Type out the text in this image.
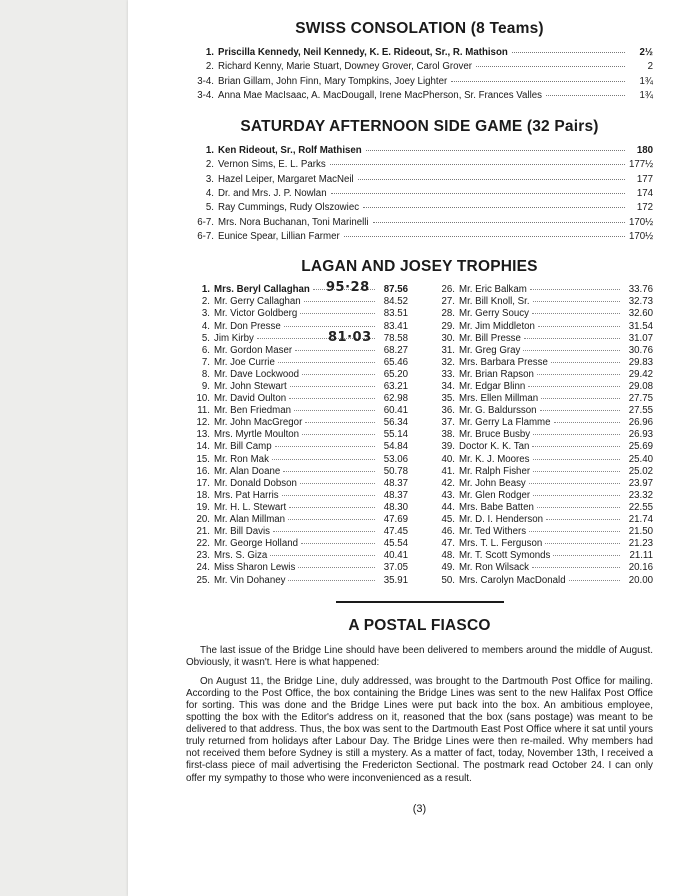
SWISS CONSOLATION (8 Teams)
1. Priscilla Kennedy, Neil Kennedy, K. E. Rideout, Sr., R. Mathison	2½
2. Richard Kenny, Marie Stuart, Downey Grover, Carol Grover	2
3-4. Brian Gillam, John Finn, Mary Tompkins, Joey Lighter	1¾
3-4. Anna Mae MacIsaac, A. MacDougall, Irene MacPherson, Sr. Frances Valles	1¾
SATURDAY AFTERNOON SIDE GAME (32 Pairs)
1. Ken Rideout, Sr., Rolf Mathisen	180
2. Vernon Sims, E. L. Parks	177½
3. Hazel Leiper, Margaret MacNeil	177
4. Dr. and Mrs. J. P. Nowlan	174
5. Ray Cummings, Rudy Olszowiec	172
6-7. Mrs. Nora Buchanan, Toni Marinelli	170½
6-7. Eunice Spear, Lillian Farmer	170½
LAGAN AND JOSEY TROPHIES
1. Mrs. Beryl Callaghan	87.56
95·28
2. Mr. Gerry Callaghan	84.52
3. Mr. Victor Goldberg	83.51
4. Mr. Don Presse	83.41
5. Jim Kirby	78.58
81·03
6. Mr. Gordon Maser	68.27
7. Mr. Joe Currie	65.46
8. Mr. Dave Lockwood	65.20
9. Mr. John Stewart	63.21
10. Mr. David Oulton	62.98
11. Mr. Ben Friedman	60.41
12. Mr. John MacGregor	56.34
13. Mrs. Myrtle Moulton	55.14
14. Mr. Bill Camp	54.84
15. Mr. Ron Mak	53.06
16. Mr. Alan Doane	50.78
17. Mr. Donald Dobson	48.37
18. Mrs. Pat Harris	48.37
19. Mr. H. L. Stewart	48.30
20. Mr. Alan Millman	47.69
21. Mr. Bill Davis	47.45
22. Mr. George Holland	45.54
23. Mrs. S. Giza	40.41
24. Miss Sharon Lewis	37.05
25. Mr. Vin Dohaney	35.91
26. Mr. Eric Balkam	33.76
27. Mr. Bill Knoll, Sr.	32.73
28. Mr. Gerry Soucy	32.60
29. Mr. Jim Middleton	31.54
30. Mr. Bill Presse	31.07
31. Mr. Greg Gray	30.76
32. Mrs. Barbara Presse	29.83
33. Mr. Brian Rapson	29.42
34. Mr. Edgar Blinn	29.08
35. Mrs. Ellen Millman	27.75
36. Mr. G. Baldursson	27.55
37. Mr. Gerry La Flamme	26.96
38. Mr. Bruce Busby	26.93
39. Doctor K. K. Tan	25.69
40. Mr. K. J. Moores	25.40
41. Mr. Ralph Fisher	25.02
42. Mr. John Beasy	23.97
43. Mr. Glen Rodger	23.32
44. Mrs. Babe Batten	22.55
45. Mr. D. I. Henderson	21.74
46. Mr. Ted Withers	21.50
47. Mrs. T. L. Ferguson	21.23
48. Mr. T. Scott Symonds	21.11
49. Mr. Ron Wilsack	20.16
50. Mrs. Carolyn MacDonald	20.00
A POSTAL FIASCO

The last issue of the Bridge Line should have been delivered to members around the middle of August. Obviously, it wasn't. Here is what happened:

On August 11, the Bridge Line, duly addressed, was brought to the Dartmouth Post Office for mailing. According to the Post Office, the box containing the Bridge Lines was sent to the new Halifax Post Office for sorting. This was done and the Bridge Lines were put back into the box. An ambitious employee, spotting the box with the Editor's address on it, reasoned that the box (sans postage) was meant to be delivered to that address. Thus, the box was sent to the Dartmouth East Post Office where it sat until yours truly returned from holidays after Labour Day. The Bridge Lines were then re-mailed. Why members had not received them before Sydney is still a mystery. As a matter of fact, today, November 13th, I received a first-class piece of mail advertising the Fredericton Sectional. The postmark read October 24. I can only offer my sympathy to those who were inconvenienced as a result.

(3)
